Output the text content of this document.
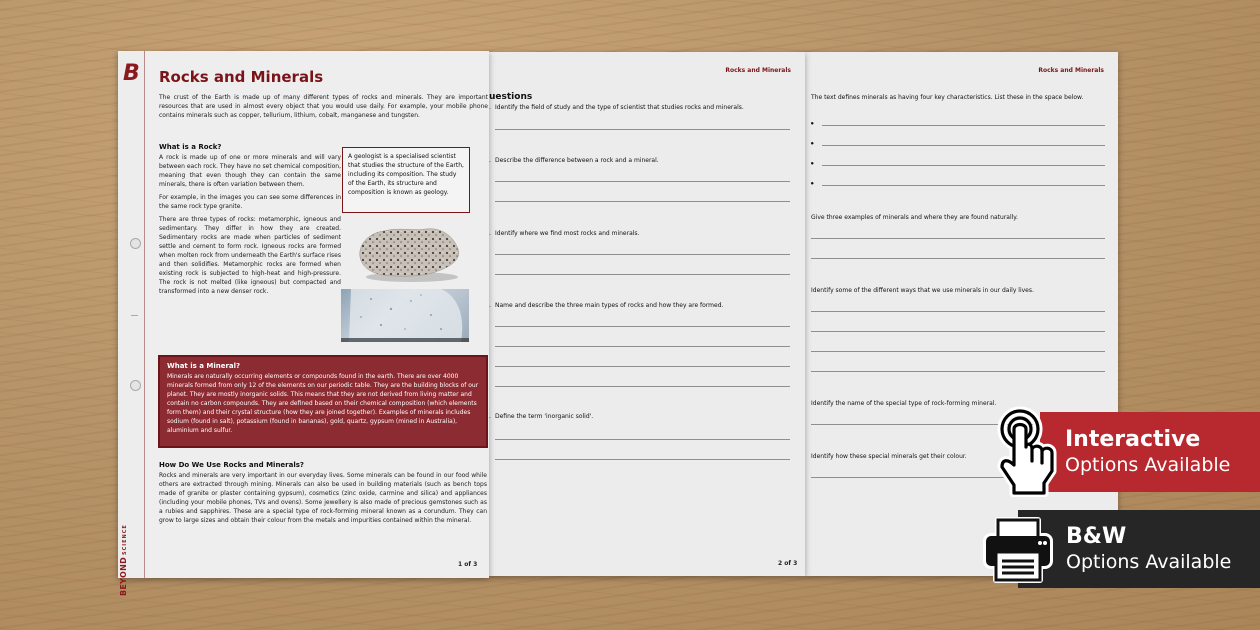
Rocks and Minerals
The text defines minerals as having four key characteristics. List these in the space below.
•
•
•
•
Give three examples of minerals and where they are found naturally.
Identify some of the different ways that we use minerals in our daily lives.
Identify the name of the special type of rock-forming mineral.
Identify how these special minerals get their colour.
Rocks and Minerals
uestions
. Identify the field of study and the type of scientist that studies rocks and minerals.
. Describe the difference between a rock and a mineral.
. Identify where we find most rocks and minerals.
. Name and describe the three main types of rocks and how they are formed.
. Define the term 'inorganic solid'.
2 of 3
B
BEYONDSCIENCE
Rocks and Minerals
The crust of the Earth is made up of many different types of rocks and minerals. They are important resources that are used in almost every object that you would use daily. For example, your mobile phone contains minerals such as copper, tellurium, lithium, cobalt, manganese and tungsten.
What is a Rock?
A rock is made up of one or more minerals and will vary between each rock. They have no set chemical composition, meaning that even though they can contain the same minerals, there is often variation between them.
For example, in the images you can see some differences in the same rock type granite.
There are three types of rocks: metamorphic, igneous and sedimentary. They differ in how they are created. Sedimentary rocks are made when particles of sediment settle and cement to form rock. Igneous rocks are formed when molten rock from underneath the Earth's surface rises and then solidifies. Metamorphic rocks are formed when existing rock is subjected to high-heat and high-pressure. The rock is not melted (like igneous) but compacted and transformed into a new denser rock.
A geologist is a specialised scientist that studies the structure of the Earth, including its composition. The study of the Earth, its structure and composition is known as geology.
What is a Mineral?
Minerals are naturally occurring elements or compounds found in the earth. There are over 4000 minerals formed from only 12 of the elements on our periodic table. They are the building blocks of our planet. They are mostly inorganic solids. This means that they are not derived from living matter and contain no carbon compounds. They are defined based on their chemical composition (which elements form them) and their crystal structure (how they are joined together). Examples of minerals includes sodium (found in salt), potassium (found in bananas), gold, quartz, gypsum (mined in Australia), aluminium and sulfur.
How Do We Use Rocks and Minerals?
Rocks and minerals are very important in our everyday lives. Some minerals can be found in our food while others are extracted through mining. Minerals can also be used in building materials (such as bench tops made of granite or plaster containing gypsum), cosmetics (zinc oxide, carmine and silica) and appliances (including your mobile phones, TVs and ovens). Some jewellery is also made of precious gemstones such as a rubies and sapphires. These are a special type of rock-forming mineral known as a corundum. They can grow to large sizes and obtain their colour from the metals and impurities contained within the mineral.
1 of 3
Interactive
Options Available
B&W
Options Available
